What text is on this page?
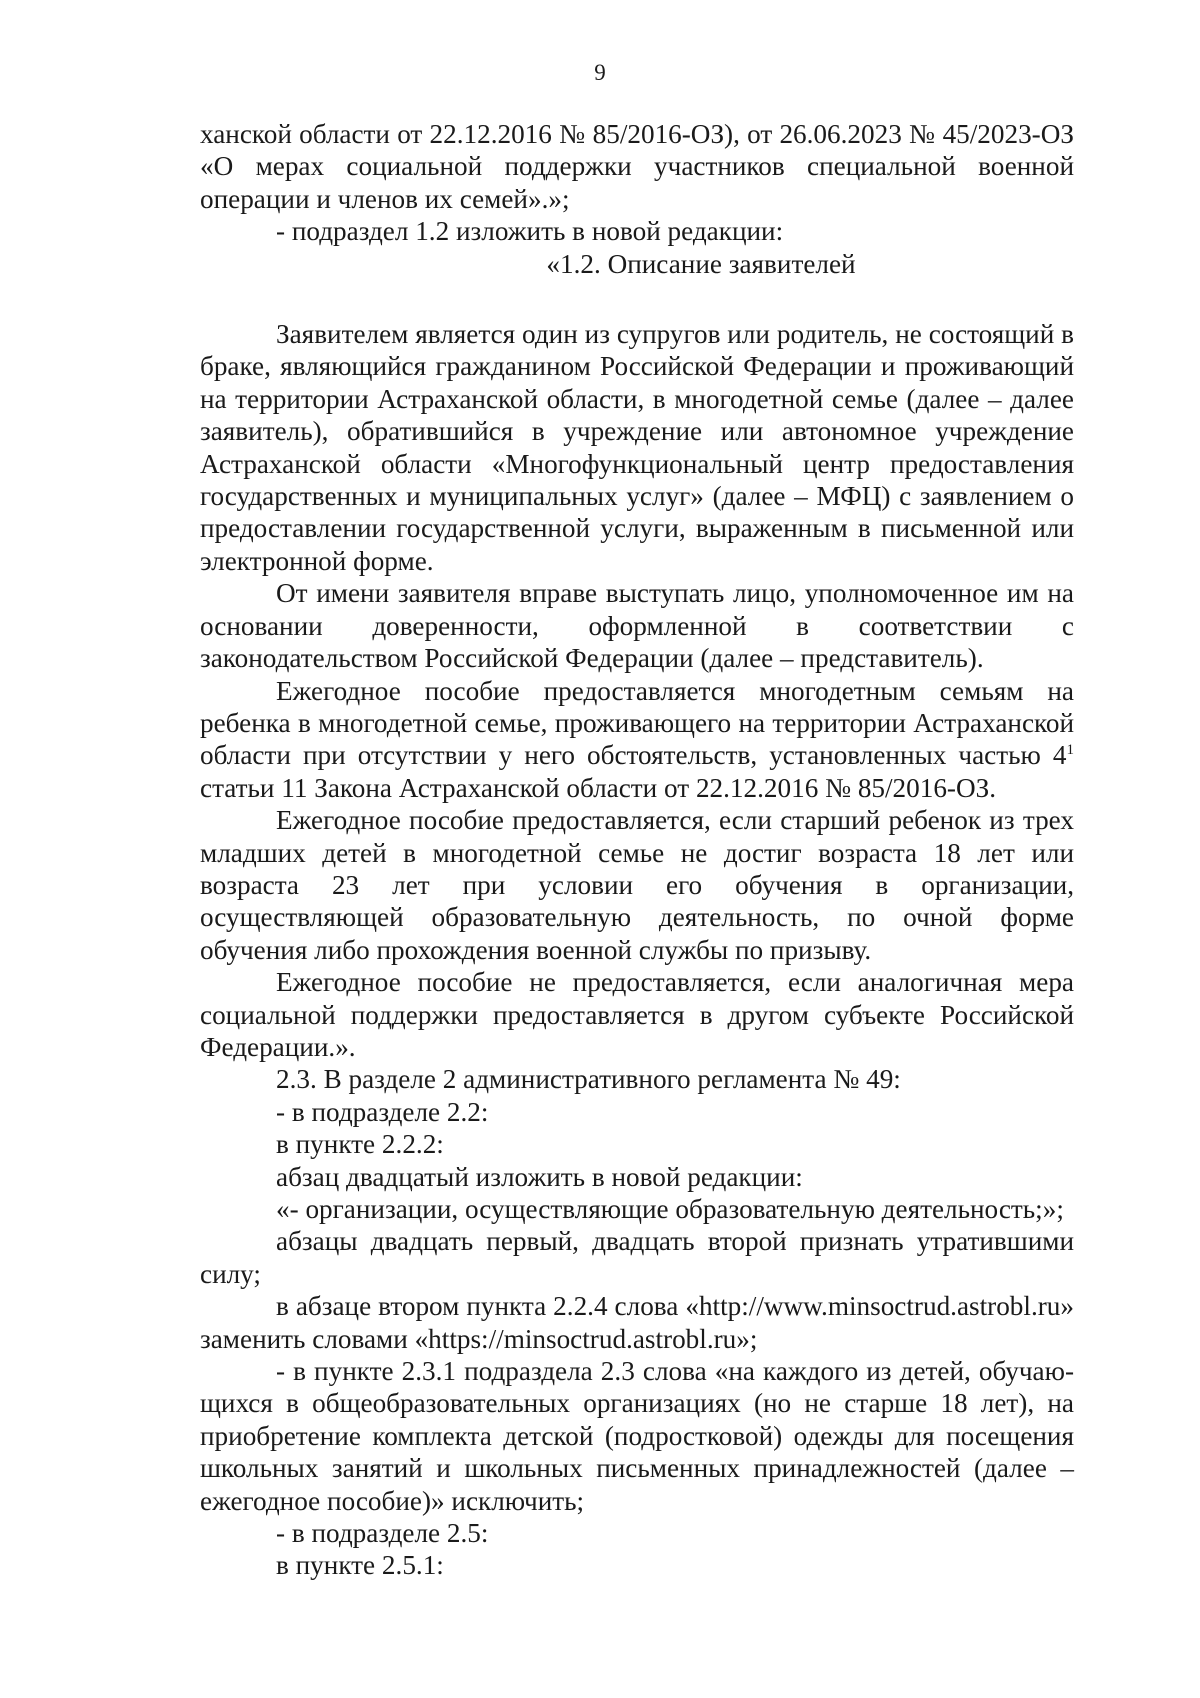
9

ханской области от 22.12.2016 № 85/2016-ОЗ), от 26.06.2023 № 45/2023-ОЗ «О мерах социальной поддержки участников специальной военной операции и членов их семей».»;

- подраздел 1.2 изложить в новой редакции:

«1.2. Описание заявителей

Заявителем является один из супругов или родитель, не состоящий в браке, являющийся гражданином Российской Федерации и проживающий на территории Астраханской области, в многодетной семье (далее – далее заявитель), обратившийся в учреждение или автономное учреждение Астраханской области «Многофункциональный центр предоставления государственных и муниципальных услуг» (далее – МФЦ) с заявлением о предоставлении государственной услуги, выраженным в письменной или электронной форме.

От имени заявителя вправе выступать лицо, уполномоченное им на основании доверенности, оформленной в соответствии с законодательством Российской Федерации (далее – представитель).

Ежегодное пособие предоставляется многодетным семьям на ребенка в многодетной семье, проживающего на территории Астраханской области при отсутствии у него обстоятельств, установленных частью $4^1$ статьи 11 Закона Астраханской области от 22.12.2016 № 85/2016-ОЗ.

Ежегодное пособие предоставляется, если старший ребенок из трех младших детей в многодетной семье не достиг возраста 18 лет или возраста 23 лет при условии его обучения в организации, осуществляющей образовательную деятельность, по очной форме обучения либо прохождения военной службы по призыву.

Ежегодное пособие не предоставляется, если аналогичная мера социальной поддержки предоставляется в другом субъекте Российской Федерации.».

2.3. В разделе 2 административного регламента № 49:

- в подразделе 2.2:

в пункте 2.2.2:

абзац двадцатый изложить в новой редакции:

«- организации, осуществляющие образовательную деятельность;»;

абзацы двадцать первый, двадцать второй признать утратившими силу;

в абзаце втором пункта 2.2.4 слова «http://www.minsoctrud.astrobl.ru» заменить словами «https://minsoctrud.astrobl.ru»;

- в пункте 2.3.1 подраздела 2.3 слова «на каждого из детей, обучающихся в общеобразовательных организациях (но не старше 18 лет), на приобретение комплекта детской (подростковой) одежды для посещения школьных занятий и школьных письменных принадлежностей (далее – ежегодное пособие)» исключить;

- в подразделе 2.5:

в пункте 2.5.1:
